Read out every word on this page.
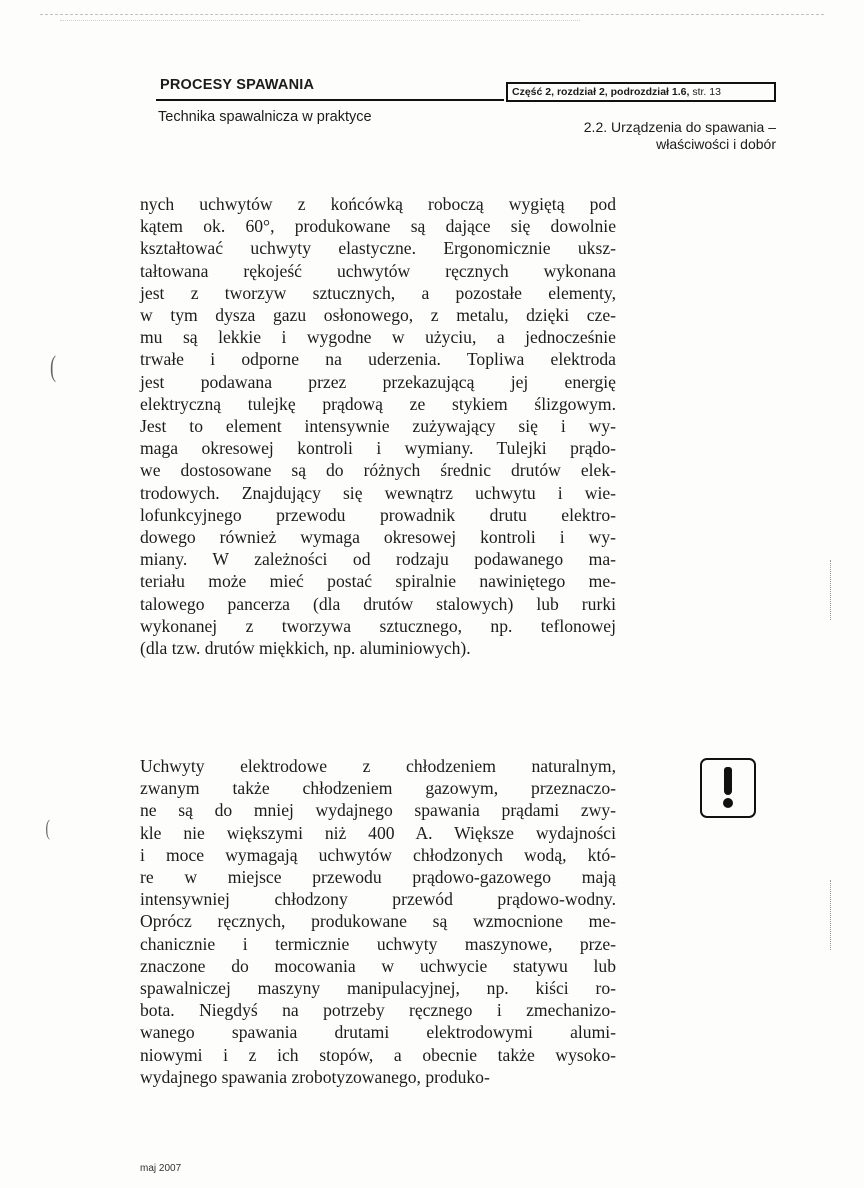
PROCESY SPAWANIA
Technika spawalnicza w praktyce
Część 2, rozdział 2, podrozdział 1.6, str. 13
2.2. Urządzenia do spawania –
właściwości i dobór
nych uchwytów z końcówką roboczą wygiętą pod
kątem ok. 60°, produkowane są dające się dowolnie
kształtować uchwyty elastyczne. Ergonomicznie uksz-
tałtowana rękojeść uchwytów ręcznych wykonana
jest z tworzyw sztucznych, a pozostałe elementy,
w tym dysza gazu osłonowego, z metalu, dzięki cze-
mu są lekkie i wygodne w użyciu, a jednocześnie
trwałe i odporne na uderzenia. Topliwa elektroda
jest podawana przez przekazującą jej energię
elektryczną tulejkę prądową ze stykiem ślizgowym.
Jest to element intensywnie zużywający się i wy-
maga okresowej kontroli i wymiany. Tulejki prądo-
we dostosowane są do różnych średnic drutów elek-
trodowych. Znajdujący się wewnątrz uchwytu i wie-
lofunkcyjnego przewodu prowadnik drutu elektro-
dowego również wymaga okresowej kontroli i wy-
miany. W zależności od rodzaju podawanego ma-
teriału może mieć postać spiralnie nawiniętego me-
talowego pancerza (dla drutów stalowych) lub rurki
wykonanej z tworzywa sztucznego, np. teflonowej
(dla tzw. drutów miękkich, np. aluminiowych).
Uchwyty elektrodowe z chłodzeniem naturalnym,
zwanym także chłodzeniem gazowym, przeznaczo-
ne są do mniej wydajnego spawania prądami zwy-
kle nie większymi niż 400 A. Większe wydajności
i moce wymagają uchwytów chłodzonych wodą, któ-
re w miejsce przewodu prądowo-gazowego mają
intensywniej chłodzony przewód prądowo-wodny.
Oprócz ręcznych, produkowane są wzmocnione me-
chanicznie i termicznie uchwyty maszynowe, prze-
znaczone do mocowania w uchwycie statywu lub
spawalniczej maszyny manipulacyjnej, np. kiści ro-
bota. Niegdyś na potrzeby ręcznego i zmechanizo-
wanego spawania drutami elektrodowymi alumi-
niowymi i z ich stopów, a obecnie także wysoko-
wydajnego spawania zrobotyzowanego, produko-
(
(
maj 2007
